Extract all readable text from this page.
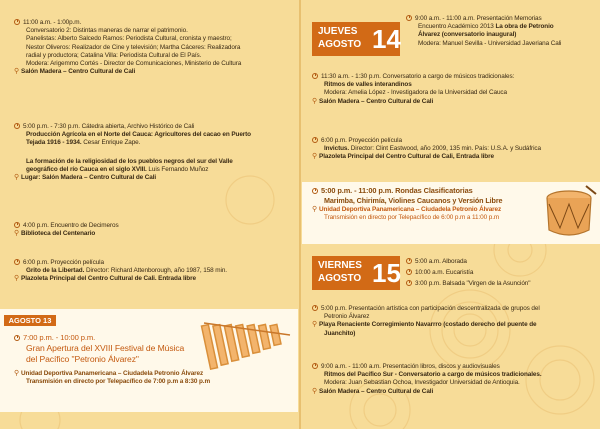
11:00 a.m. - 1:00p.m.
Conversatorio 2: Distintas maneras de narrar el patrimonio.
Panelistas: Alberto Salcedo Ramos: Periodista Cultural, cronista y maestro;
Nestor Oliveros: Realizador de Cine y televisión; Martha Cáceres: Realizadora
radial y productora; Catalina Villa: Periodista Cultural de El País.
Modera: Arigemmo Cortés - Director de Comunicaciones, Ministerio de Cultura
⚲ Salón Madera – Centro Cultural de Cali
5:00 p.m. - 7:30 p.m. Cátedra abierta, Archivo Histórico de Cali
Producción Agrícola en el Norte del Cauca: Agricultores del cacao en Puerto
Tejada 1916 - 1934. Cesar Enrique Zape.
La formación de la religiosidad de los pueblos negros del sur del Valle
geográfico del río Cauca en el siglo XVIII. Luis Fernando Muñoz
⚲ Lugar: Salón Madera – Centro Cultural de Cali
4:00 p.m. Encuentro de Decimeros
⚲ Biblioteca del Centenario
6:00 p.m. Proyección película
Grito de la Libertad. Director: Richard Attenborough, año 1987, 158 min.
⚲ Plazoleta Principal del Centro Cultural de Cali. Entrada libre
AGOSTO 13
7:00 p.m. - 10:00 p.m.
Gran Apertura del XVIII Festival de Música
del Pacífico "Petronio Álvarez"
⚲ Unidad Deportiva Panamericana – Ciudadela Petronio Álvarez
Transmisión en directo por Telepacífico de 7:00 p.m a 8:30 p.m
JUEVES
AGOSTO 14
9:00 a.m. - 11:00 a.m. Presentación Memorias
Encuentro Académico 2013 La obra de Petronio
Álvarez (conversatorio inaugural)
Modera: Manuel Sevilla - Universidad Javeriana Cali
11:30 a.m. - 1:30 p.m. Conversatorio a cargo de músicos tradicionales:
Ritmos de valles interandinos
Modera: Amelia López - Investigadora de la Universidad del Cauca
⚲ Salón Madera – Centro Cultural de Cali
6:00 p.m. Proyección película
Invictus. Director: Clint Eastwood, año 2009, 135 min. País: U.S.A. y Sudáfrica
⚲ Plazoleta Principal del Centro Cultural de Cali, Entrada libre
5:00 p.m. - 11:00 p.m. Rondas Clasificatorias
Marimba, Chirimía, Violines Caucanos y Versión Libre
⚲ Unidad Deportiva Panamericana – Ciudadela Petronio Álvarez
Transmisión en directo por Telepacífico de 6:00 p.m a 11:00 p.m
VIERNES
AGOSTO 15	5:00 a.m. Alborada
10:00 a.m. Eucaristía
3:00 p.m. Balsada "Virgen de la Asunción"
5:00 p.m. Presentación artística con participación descentralizada de grupos del
Petronio Álvarez
⚲ Playa Renaciente Corregimiento Navarrro (costado derecho del puente de
Juanchito)
9:00 a.m. - 11:00 a.m. Presentación libros, discos y audiovisuales
Ritmos del Pacífico Sur - Conversatorio a cargo de músicos tradicionales.
Modera: Juan Sebastian Ochoa, Investigador Universidad de Antioquia.
⚲ Salón Madera – Centro Cultural de Cali
